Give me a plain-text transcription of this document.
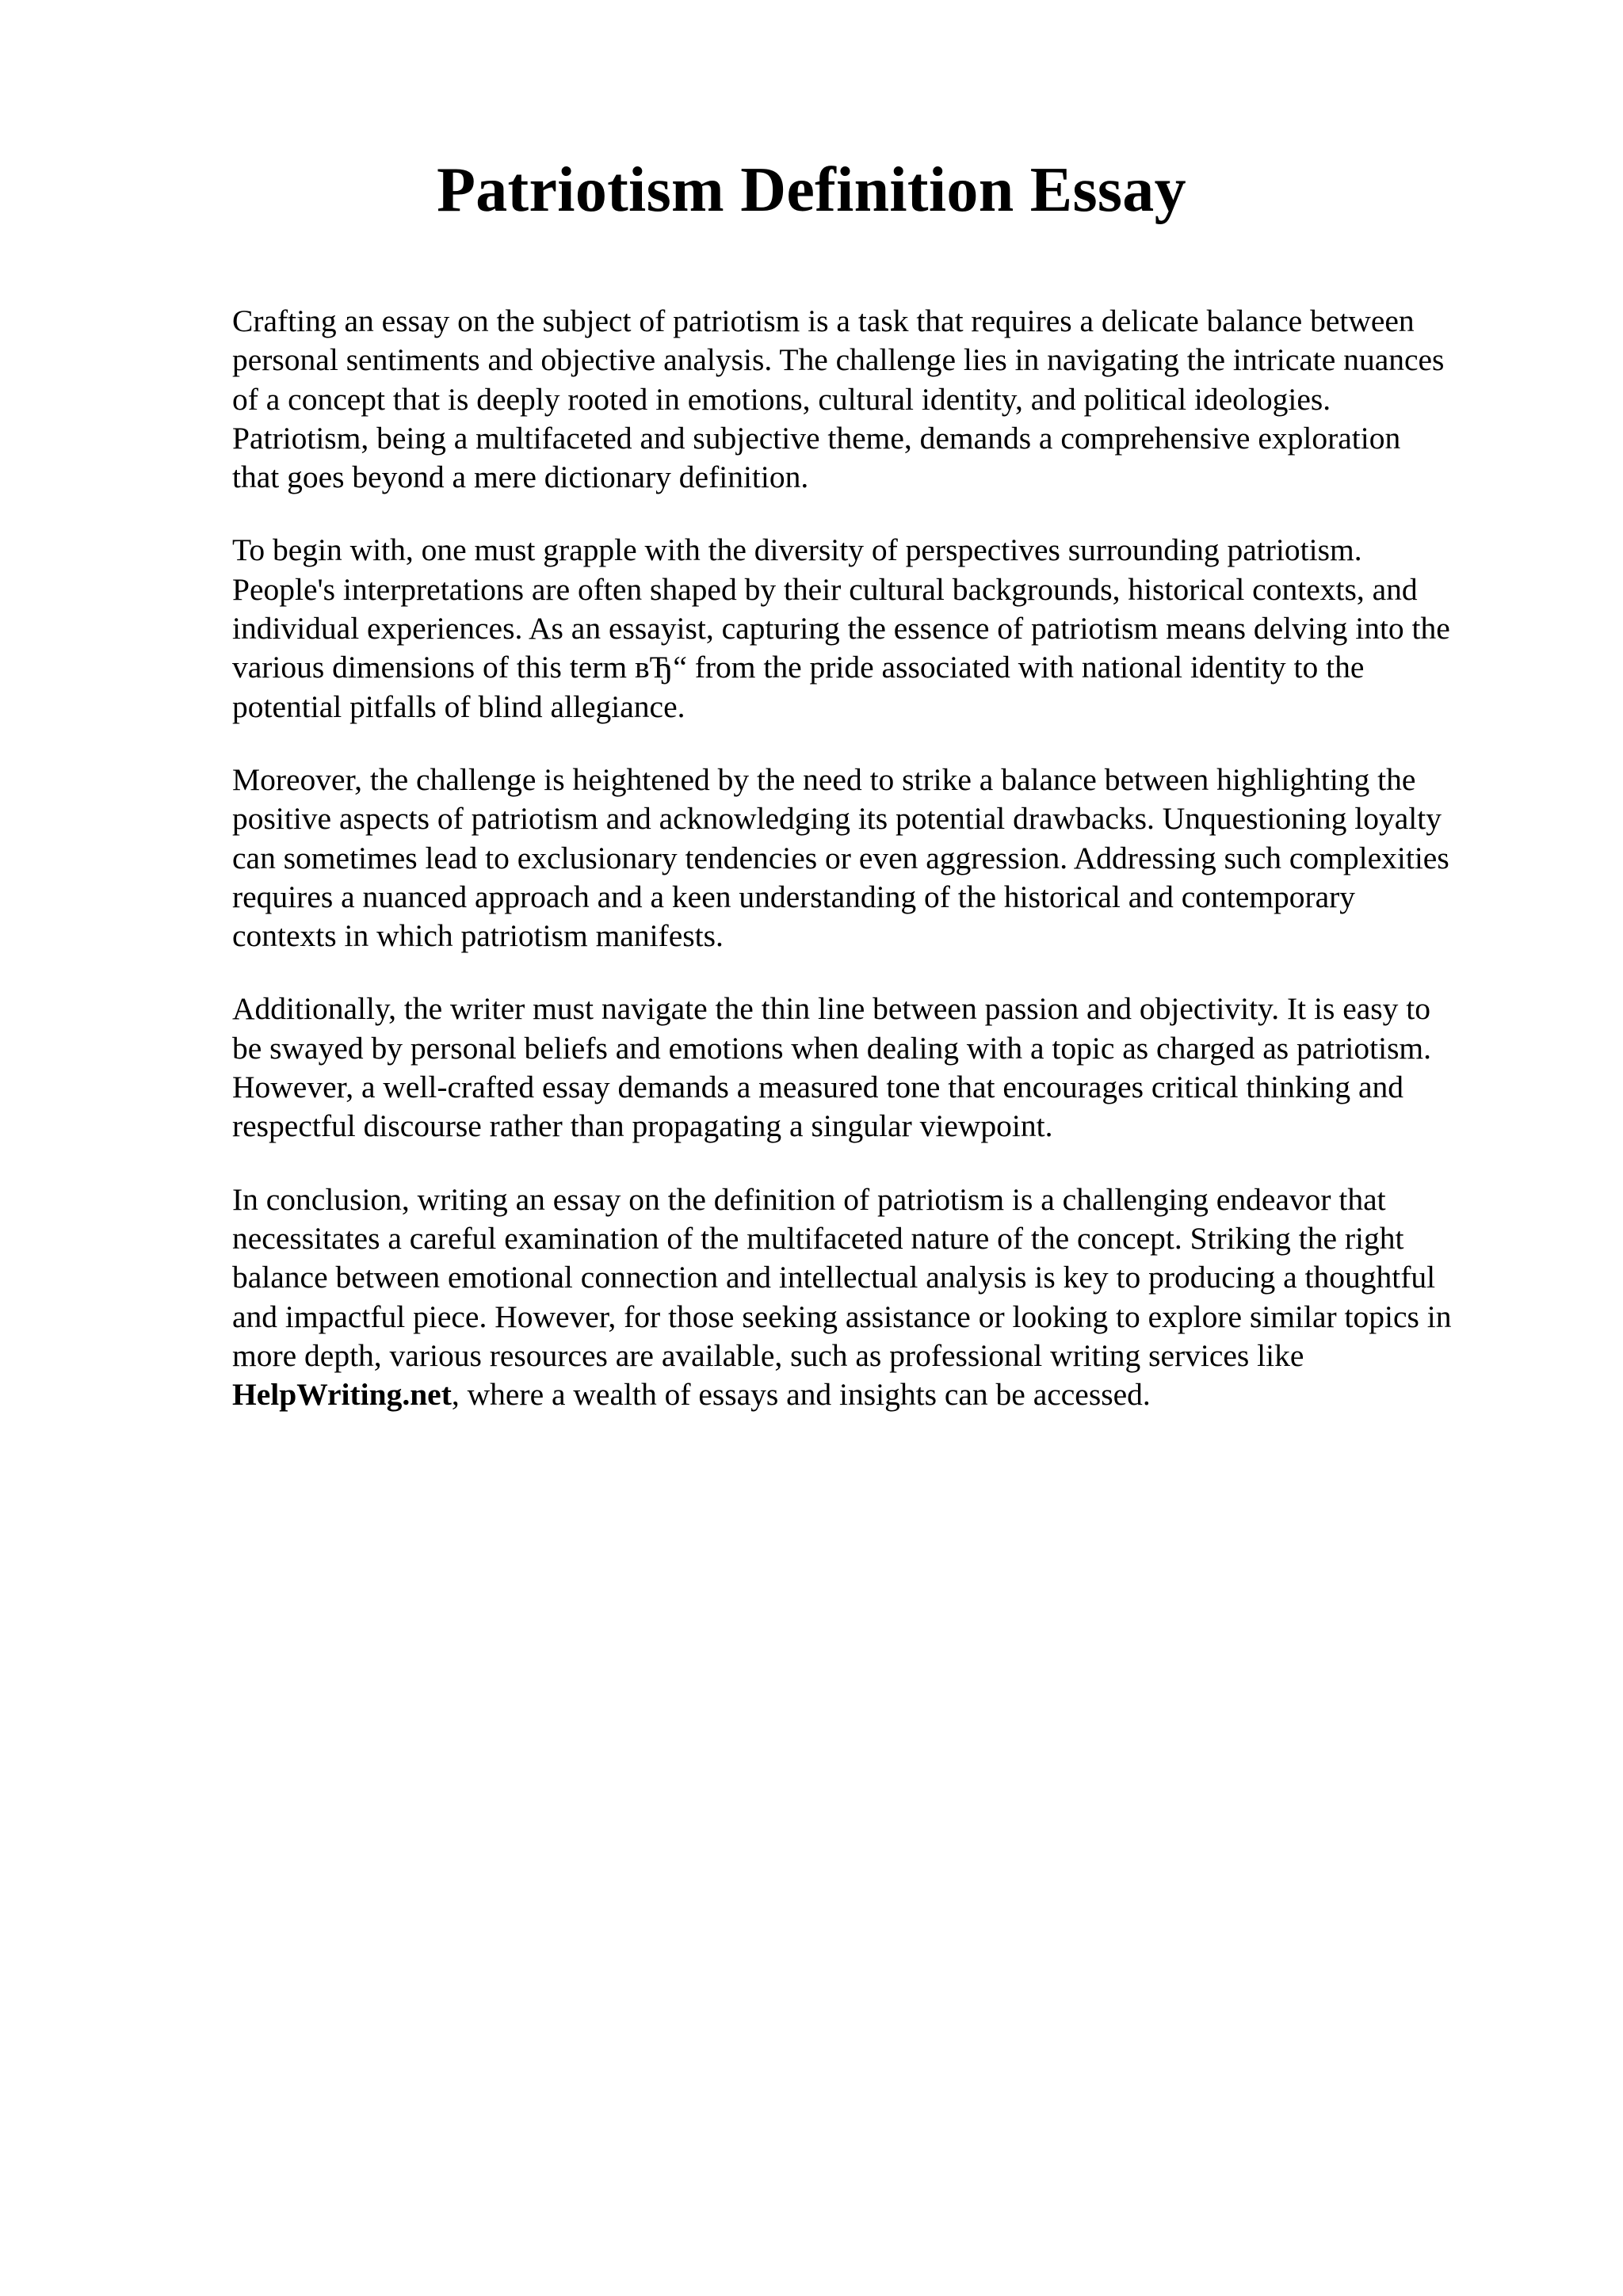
Patriotism Definition Essay

Crafting an essay on the subject of patriotism is a task that requires a delicate balance between
personal sentiments and objective analysis. The challenge lies in navigating the intricate nuances
of a concept that is deeply rooted in emotions, cultural identity, and political ideologies.
Patriotism, being a multifaceted and subjective theme, demands a comprehensive exploration
that goes beyond a mere dictionary definition.

To begin with, one must grapple with the diversity of perspectives surrounding patriotism.
People's interpretations are often shaped by their cultural backgrounds, historical contexts, and
individual experiences. As an essayist, capturing the essence of patriotism means delving into the
various dimensions of this term вЂ“ from the pride associated with national identity to the
potential pitfalls of blind allegiance.

Moreover, the challenge is heightened by the need to strike a balance between highlighting the
positive aspects of patriotism and acknowledging its potential drawbacks. Unquestioning loyalty
can sometimes lead to exclusionary tendencies or even aggression. Addressing such complexities
requires a nuanced approach and a keen understanding of the historical and contemporary
contexts in which patriotism manifests.

Additionally, the writer must navigate the thin line between passion and objectivity. It is easy to
be swayed by personal beliefs and emotions when dealing with a topic as charged as patriotism.
However, a well-crafted essay demands a measured tone that encourages critical thinking and
respectful discourse rather than propagating a singular viewpoint.

In conclusion, writing an essay on the definition of patriotism is a challenging endeavor that
necessitates a careful examination of the multifaceted nature of the concept. Striking the right
balance between emotional connection and intellectual analysis is key to producing a thoughtful
and impactful piece. However, for those seeking assistance or looking to explore similar topics in
more depth, various resources are available, such as professional writing services like
HelpWriting.net, where a wealth of essays and insights can be accessed.
